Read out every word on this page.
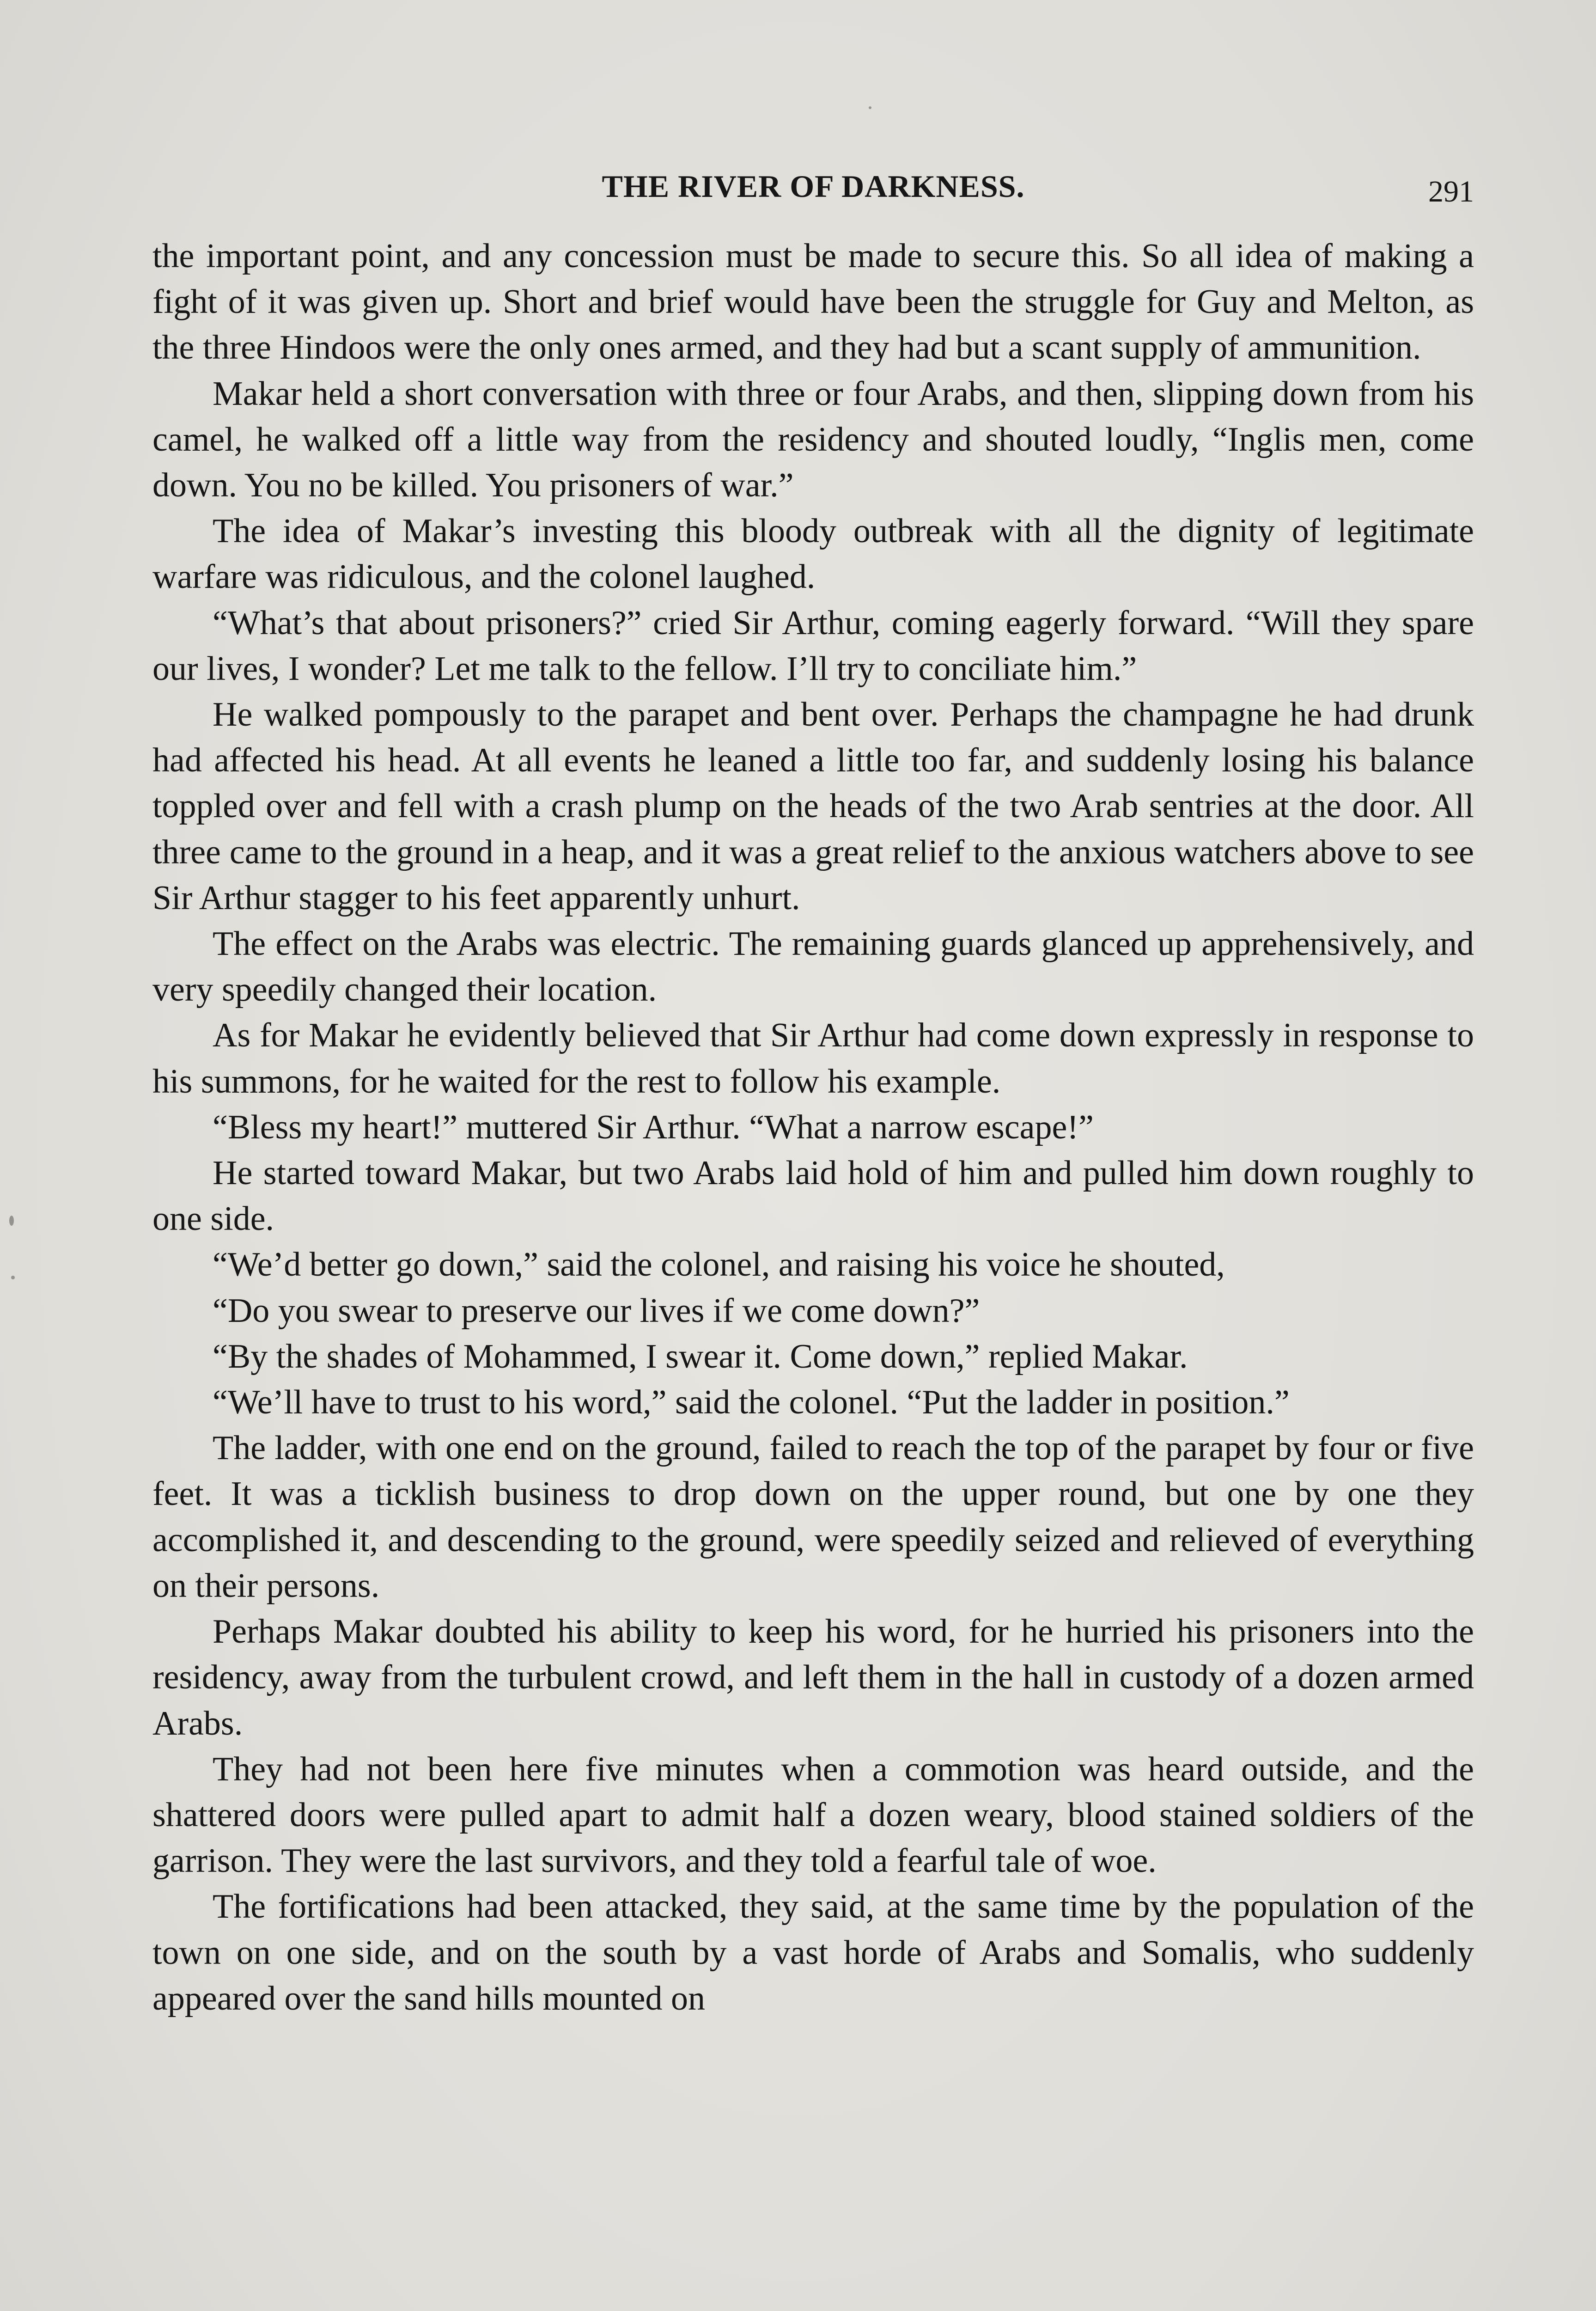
THE RIVER OF DARKNESS.	291

the important point, and any concession must be made to secure this. So all idea of making a fight of it was given up. Short and brief would have been the struggle for Guy and Melton, as the three Hindoos were the only ones armed, and they had but a scant supply of ammunition.

Makar held a short conversation with three or four Arabs, and then, slipping down from his camel, he walked off a little way from the residency and shouted loudly, “Inglis men, come down. You no be killed. You prisoners of war.”

The idea of Makar’s investing this bloody outbreak with all the dignity of legitimate warfare was ridiculous, and the colonel laughed.

“What’s that about prisoners?” cried Sir Arthur, coming eagerly forward. “Will they spare our lives, I wonder? Let me talk to the fellow. I’ll try to conciliate him.”

He walked pompously to the parapet and bent over. Perhaps the champagne he had drunk had affected his head. At all events he leaned a little too far, and suddenly losing his balance toppled over and fell with a crash plump on the heads of the two Arab sentries at the door. All three came to the ground in a heap, and it was a great relief to the anxious watchers above to see Sir Arthur stagger to his feet apparently unhurt.

The effect on the Arabs was electric. The remaining guards glanced up apprehensively, and very speedily changed their location.

As for Makar he evidently believed that Sir Arthur had come down expressly in response to his summons, for he waited for the rest to follow his example.

“Bless my heart!” muttered Sir Arthur. “What a narrow escape!”

He started toward Makar, but two Arabs laid hold of him and pulled him down roughly to one side.

“We’d better go down,” said the colonel, and raising his voice he shouted,

“Do you swear to preserve our lives if we come down?”

“By the shades of Mohammed, I swear it. Come down,” replied Makar.

“We’ll have to trust to his word,” said the colonel. “Put the ladder in position.”

The ladder, with one end on the ground, failed to reach the top of the parapet by four or five feet. It was a ticklish business to drop down on the upper round, but one by one they accomplished it, and descending to the ground, were speedily seized and relieved of everything on their persons.

Perhaps Makar doubted his ability to keep his word, for he hurried his prisoners into the residency, away from the turbulent crowd, and left them in the hall in custody of a dozen armed Arabs.

They had not been here five minutes when a commotion was heard outside, and the shattered doors were pulled apart to admit half a dozen weary, blood stained soldiers of the garrison. They were the last survivors, and they told a fearful tale of woe.

The fortifications had been attacked, they said, at the same time by the population of the town on one side, and on the south by a vast horde of Arabs and Somalis, who suddenly appeared over the sand hills mounted on
